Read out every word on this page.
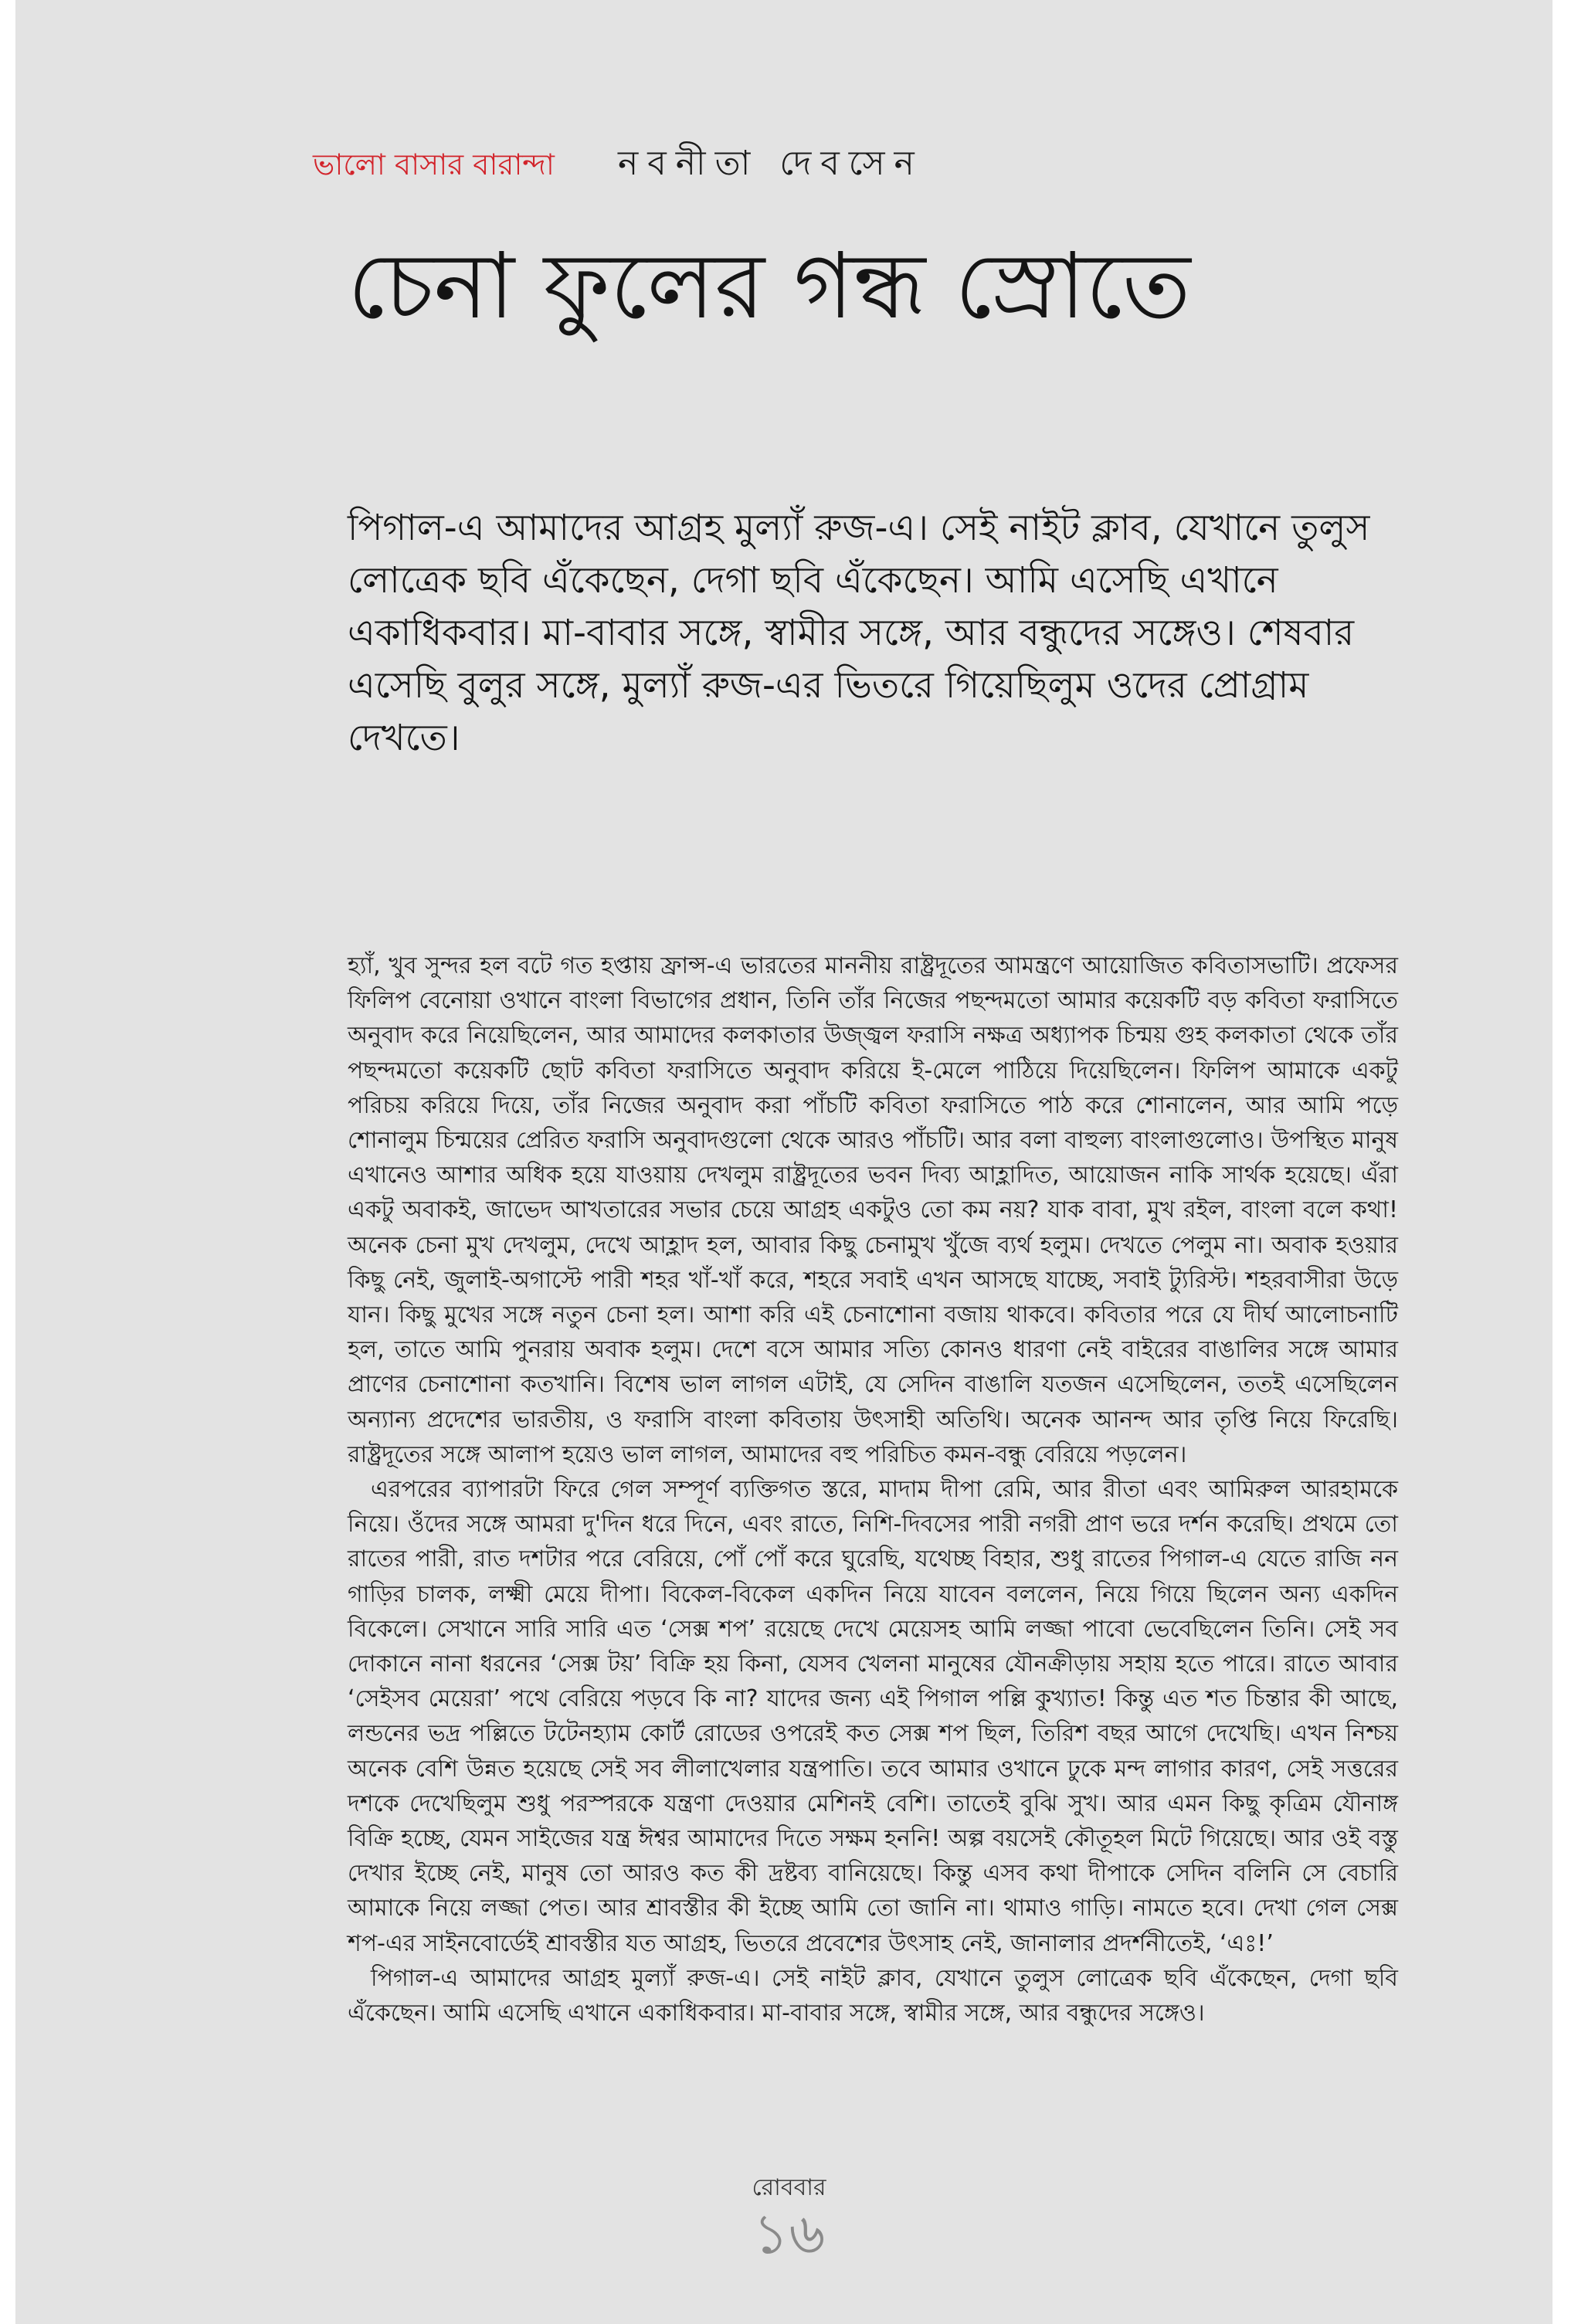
ভালো বাসার বারান্দা নবনীতা দেবসেন
চেনা ফুলের গন্ধ স্রোতে
পিগাল-এ আমাদের আগ্রহ মুল্যাঁ রুজ-এ। সেই নাইট ক্লাব, যেখানে তুলুস লোত্রেক ছবি এঁকেছেন, দেগা ছবি এঁকেছেন। আমি এসেছি এখানে একাধিকবার। মা-বাবার সঙ্গে, স্বামীর সঙ্গে, আর বন্ধুদের সঙ্গেও। শেষবার এসেছি বুলুর সঙ্গে, মুল্যাঁ রুজ-এর ভিতরে গিয়েছিলুম ওদের প্রোগ্রাম দেখতে।

হ্যাঁ, খুব সুন্দর হল বটে গত হপ্তায় ফ্রান্স-এ ভারতের মাননীয় রাষ্ট্রদূতের আমন্ত্রণে আয়োজিত কবিতাসভাটি। প্রফেসর ফিলিপ বেনোয়া ওখানে বাংলা বিভাগের প্রধান, তিনি তাঁর নিজের পছন্দমতো আমার কয়েকটি বড় কবিতা ফরাসিতে অনুবাদ করে নিয়েছিলেন, আর আমাদের কলকাতার উজ্জ্বল ফরাসি নক্ষত্র অধ্যাপক চিন্ময় গুহ কলকাতা থেকে তাঁর পছন্দমতো কয়েকটি ছোট কবিতা ফরাসিতে অনুবাদ করিয়ে ই-মেলে পাঠিয়ে দিয়েছিলেন। ফিলিপ আমাকে একটু পরিচয় করিয়ে দিয়ে, তাঁর নিজের অনুবাদ করা পাঁচটি কবিতা ফরাসিতে পাঠ করে শোনালেন, আর আমি পড়ে শোনালুম চিন্ময়ের প্রেরিত ফরাসি অনুবাদগুলো থেকে আরও পাঁচটি। আর বলা বাহুল্য বাংলাগুলোও। উপস্থিত মানুষ এখানেও আশার অধিক হয়ে যাওয়ায় দেখলুম রাষ্ট্রদূতের ভবন দিব্য আহ্লাদিত, আয়োজন নাকি সার্থক হয়েছে। এঁরা একটু অবাকই, জাভেদ আখতারের সভার চেয়ে আগ্রহ একটুও তো কম নয়? যাক বাবা, মুখ রইল, বাংলা বলে কথা! অনেক চেনা মুখ দেখলুম, দেখে আহ্লাদ হল, আবার কিছু চেনামুখ খুঁজে ব্যর্থ হলুম। দেখতে পেলুম না। অবাক হওয়ার কিছু নেই, জুলাই-অগাস্টে পারী শহর খাঁ-খাঁ করে, শহরে সবাই এখন আসছে যাচ্ছে, সবাই ট্যুরিস্ট। শহরবাসীরা উড়ে যান। কিছু মুখের সঙ্গে নতুন চেনা হল। আশা করি এই চেনাশোনা বজায় থাকবে। কবিতার পরে যে দীর্ঘ আলোচনাটি হল, তাতে আমি পুনরায় অবাক হলুম। দেশে বসে আমার সত্যি কোনও ধারণা নেই বাইরের বাঙালির সঙ্গে আমার প্রাণের চেনাশোনা কতখানি। বিশেষ ভাল লাগল এটাই, যে সেদিন বাঙালি যতজন এসেছিলেন, ততই এসেছিলেন অন্যান্য প্রদেশের ভারতীয়, ও ফরাসি বাংলা কবিতায় উৎসাহী অতিথি। অনেক আনন্দ আর তৃপ্তি নিয়ে ফিরেছি। রাষ্ট্রদূতের সঙ্গে আলাপ হয়েও ভাল লাগল, আমাদের বহু পরিচিত কমন-বন্ধু বেরিয়ে পড়লেন।

এরপরের ব্যাপারটা ফিরে গেল সম্পূর্ণ ব্যক্তিগত স্তরে, মাদাম দীপা রেমি, আর রীতা এবং আমিরুল আরহামকে নিয়ে। ওঁদের সঙ্গে আমরা দু'দিন ধরে দিনে, এবং রাতে, নিশি-দিবসের পারী নগরী প্রাণ ভরে দর্শন করেছি। প্রথমে তো রাতের পারী, রাত দশটার পরে বেরিয়ে, পোঁ পোঁ করে ঘুরেছি, যথেচ্ছ বিহার, শুধু রাতের পিগাল-এ যেতে রাজি নন গাড়ির চালক, লক্ষ্মী মেয়ে দীপা। বিকেল-বিকেল একদিন নিয়ে যাবেন বললেন, নিয়ে গিয়ে ছিলেন অন্য একদিন বিকেলে। সেখানে সারি সারি এত ‘সেক্স শপ’ রয়েছে দেখে মেয়েসহ আমি লজ্জা পাবো ভেবেছিলেন তিনি। সেই সব দোকানে নানা ধরনের ‘সেক্স টয়’ বিক্রি হয় কিনা, যেসব খেলনা মানুষের যৌনক্রীড়ায় সহায় হতে পারে। রাতে আবার ‘সেইসব মেয়েরা’ পথে বেরিয়ে পড়বে কি না? যাদের জন্য এই পিগাল পল্লি কুখ্যাত! কিন্তু এত শত চিন্তার কী আছে, লন্ডনের ভদ্র পল্লিতে টটেনহ্যাম কোর্ট রোডের ওপরেই কত সেক্স শপ ছিল, তিরিশ বছর আগে দেখেছি। এখন নিশ্চয় অনেক বেশি উন্নত হয়েছে সেই সব লীলাখেলার যন্ত্রপাতি। তবে আমার ওখানে ঢুকে মন্দ লাগার কারণ, সেই সত্তরের দশকে দেখেছিলুম শুধু পরস্পরকে যন্ত্রণা দেওয়ার মেশিনই বেশি। তাতেই বুঝি সুখ। আর এমন কিছু কৃত্রিম যৌনাঙ্গ বিক্রি হচ্ছে, যেমন সাইজের যন্ত্র ঈশ্বর আমাদের দিতে সক্ষম হননি! অল্প বয়সেই কৌতূহল মিটে গিয়েছে। আর ওই বস্তু দেখার ইচ্ছে নেই, মানুষ তো আরও কত কী দ্রষ্টব্য বানিয়েছে। কিন্তু এসব কথা দীপাকে সেদিন বলিনি সে বেচারি আমাকে নিয়ে লজ্জা পেত। আর শ্রাবস্তীর কী ইচ্ছে আমি তো জানি না। থামাও গাড়ি। নামতে হবে। দেখা গেল সেক্স শপ-এর সাইনবোর্ডেই শ্রাবস্তীর যত আগ্রহ, ভিতরে প্রবেশের উৎসাহ নেই, জানালার প্রদর্শনীতেই, ‘এঃ!’

পিগাল-এ আমাদের আগ্রহ মুল্যাঁ রুজ-এ। সেই নাইট ক্লাব, যেখানে তুলুস লোত্রেক ছবি এঁকেছেন, দেগা ছবি এঁকেছেন। আমি এসেছি এখানে একাধিকবার। মা-বাবার সঙ্গে, স্বামীর সঙ্গে, আর বন্ধুদের সঙ্গেও।

রোববার
১৬
